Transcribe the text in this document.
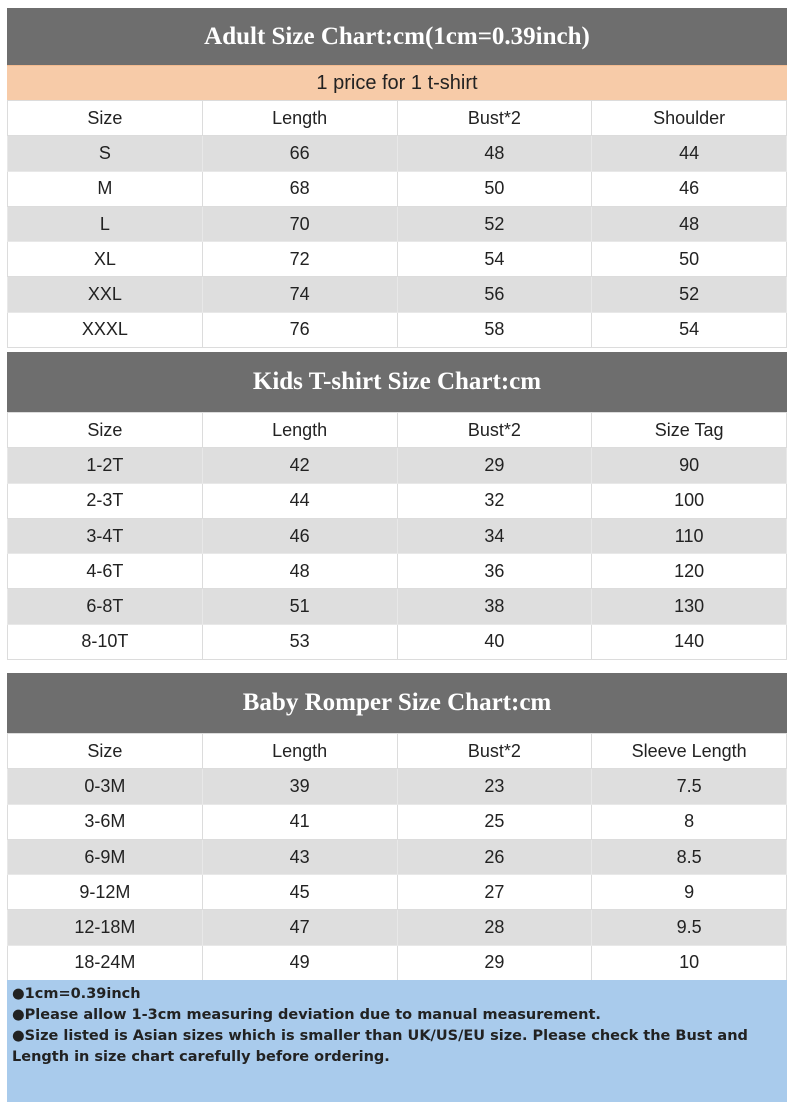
Adult Size Chart:cm(1cm=0.39inch)
1 price for 1 t-shirt
Size	Length	Bust*2	Shoulder
S	66	48	44
M	68	50	46
L	70	52	48
XL	72	54	50
XXL	74	56	52
XXXL	76	58	54
Kids T-shirt Size Chart:cm
Size	Length	Bust*2	Size Tag
1-2T	42	29	90
2-3T	44	32	100
3-4T	46	34	110
4-6T	48	36	120
6-8T	51	38	130
8-10T	53	40	140
Baby Romper Size Chart:cm
Size	Length	Bust*2	Sleeve Length
0-3M	39	23	7.5
3-6M	41	25	8
6-9M	43	26	8.5
9-12M	45	27	9
12-18M	47	28	9.5
18-24M	49	29	10

●1cm=0.39inch

●Please allow 1-3cm measuring deviation due to manual measurement.

●Size listed is Asian sizes which is smaller than UK/US/EU size. Please check the Bust and Length in size chart carefully before ordering.
